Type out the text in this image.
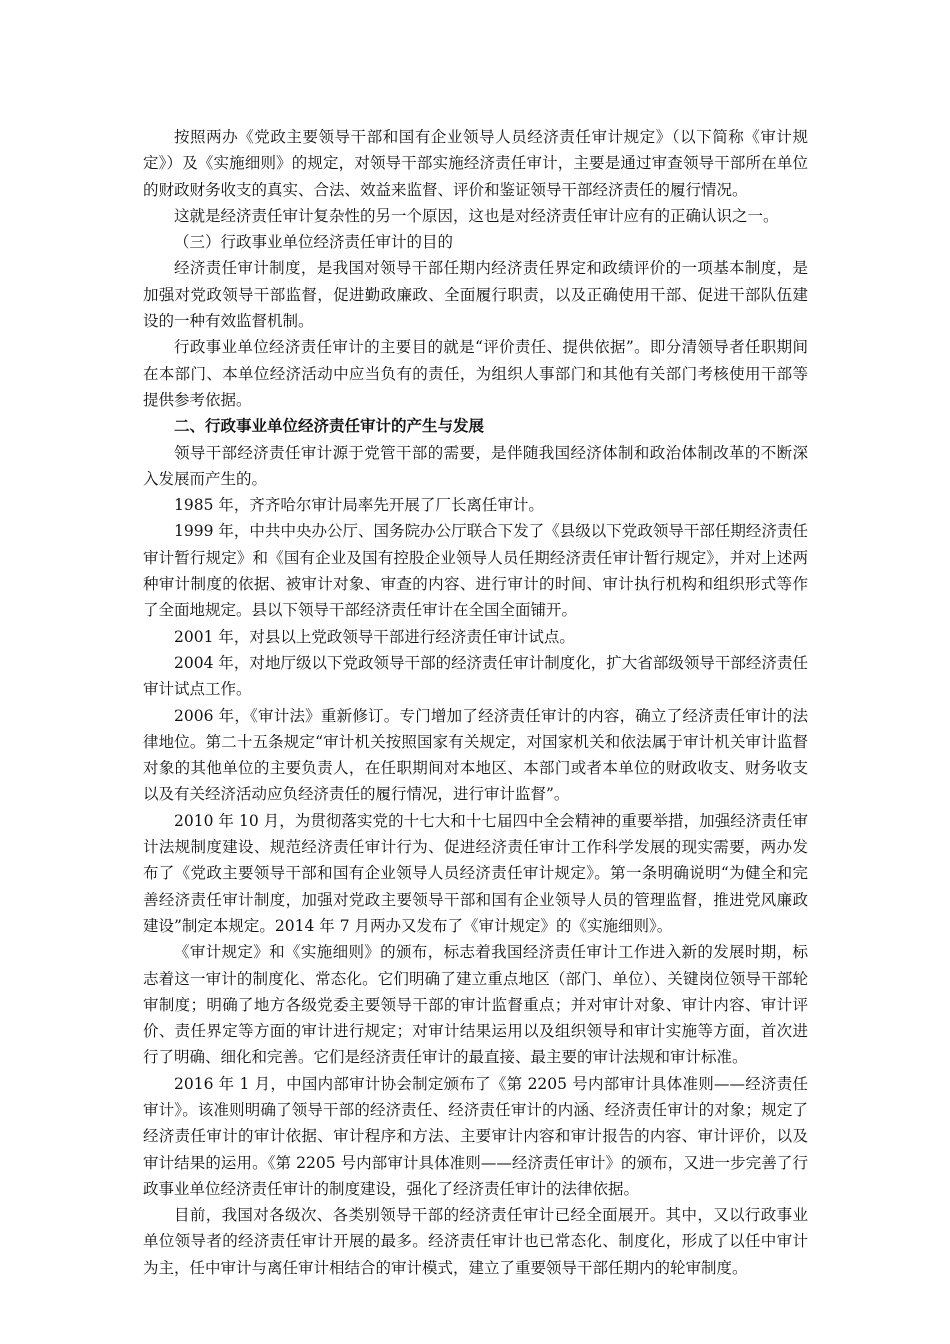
按照两办《党政主要领导干部和国有企业领导人员经济责任审计规定》（以下简称《审计规定》）及《实施细则》的规定，对领导干部实施经济责任审计，主要是通过审查领导干部所在单位的财政财务收支的真实、合法、效益来监督、评价和鉴证领导干部经济责任的履行情况。

这就是经济责任审计复杂性的另一个原因，这也是对经济责任审计应有的正确认识之一。

（三）行政事业单位经济责任审计的目的

经济责任审计制度，是我国对领导干部任期内经济责任界定和政绩评价的一项基本制度，是加强对党政领导干部监督，促进勤政廉政、全面履行职责，以及正确使用干部、促进干部队伍建设的一种有效监督机制。

行政事业单位经济责任审计的主要目的就是“评价责任、提供依据”。即分清领导者任职期间在本部门、本单位经济活动中应当负有的责任，为组织人事部门和其他有关部门考核使用干部等提供参考依据。

二、行政事业单位经济责任审计的产生与发展

领导干部经济责任审计源于党管干部的需要，是伴随我国经济体制和政治体制改革的不断深入发展而产生的。

1985 年，齐齐哈尔审计局率先开展了厂长离任审计。

1999 年，中共中央办公厅、国务院办公厅联合下发了《县级以下党政领导干部任期经济责任审计暂行规定》和《国有企业及国有控股企业领导人员任期经济责任审计暂行规定》，并对上述两种审计制度的依据、被审计对象、审查的内容、进行审计的时间、审计执行机构和组织形式等作了全面地规定。县以下领导干部经济责任审计在全国全面铺开。

2001 年，对县以上党政领导干部进行经济责任审计试点。

2004 年，对地厅级以下党政领导干部的经济责任审计制度化，扩大省部级领导干部经济责任审计试点工作。

2006 年，《审计法》重新修订。专门增加了经济责任审计的内容，确立了经济责任审计的法律地位。第二十五条规定“审计机关按照国家有关规定，对国家机关和依法属于审计机关审计监督对象的其他单位的主要负责人，在任职期间对本地区、本部门或者本单位的财政收支、财务收支以及有关经济活动应负经济责任的履行情况，进行审计监督”。

2010 年 10 月，为贯彻落实党的十七大和十七届四中全会精神的重要举措，加强经济责任审计法规制度建设、规范经济责任审计行为、促进经济责任审计工作科学发展的现实需要，两办发布了《党政主要领导干部和国有企业领导人员经济责任审计规定》。第一条明确说明“为健全和完善经济责任审计制度，加强对党政主要领导干部和国有企业领导人员的管理监督，推进党风廉政建设”制定本规定。2014 年 7 月两办又发布了《审计规定》的《实施细则》。

《审计规定》和《实施细则》的颁布，标志着我国经济责任审计工作进入新的发展时期，标志着这一审计的制度化、常态化。它们明确了建立重点地区（部门、单位）、关键岗位领导干部轮审制度；明确了地方各级党委主要领导干部的审计监督重点；并对审计对象、审计内容、审计评价、责任界定等方面的审计进行规定；对审计结果运用以及组织领导和审计实施等方面，首次进行了明确、细化和完善。它们是经济责任审计的最直接、最主要的审计法规和审计标准。

2016 年 1 月，中国内部审计协会制定颁布了《第 2205 号内部审计具体准则——经济责任审计》。该准则明确了领导干部的经济责任、经济责任审计的内涵、经济责任审计的对象；规定了经济责任审计的审计依据、审计程序和方法、主要审计内容和审计报告的内容、审计评价，以及审计结果的运用。《第 2205 号内部审计具体准则——经济责任审计》的颁布，又进一步完善了行政事业单位经济责任审计的制度建设，强化了经济责任审计的法律依据。

目前，我国对各级次、各类别领导干部的经济责任审计已经全面展开。其中，又以行政事业单位领导者的经济责任审计开展的最多。经济责任审计也已常态化、制度化，形成了以任中审计为主，任中审计与离任审计相结合的审计模式，建立了重要领导干部任期内的轮审制度。
